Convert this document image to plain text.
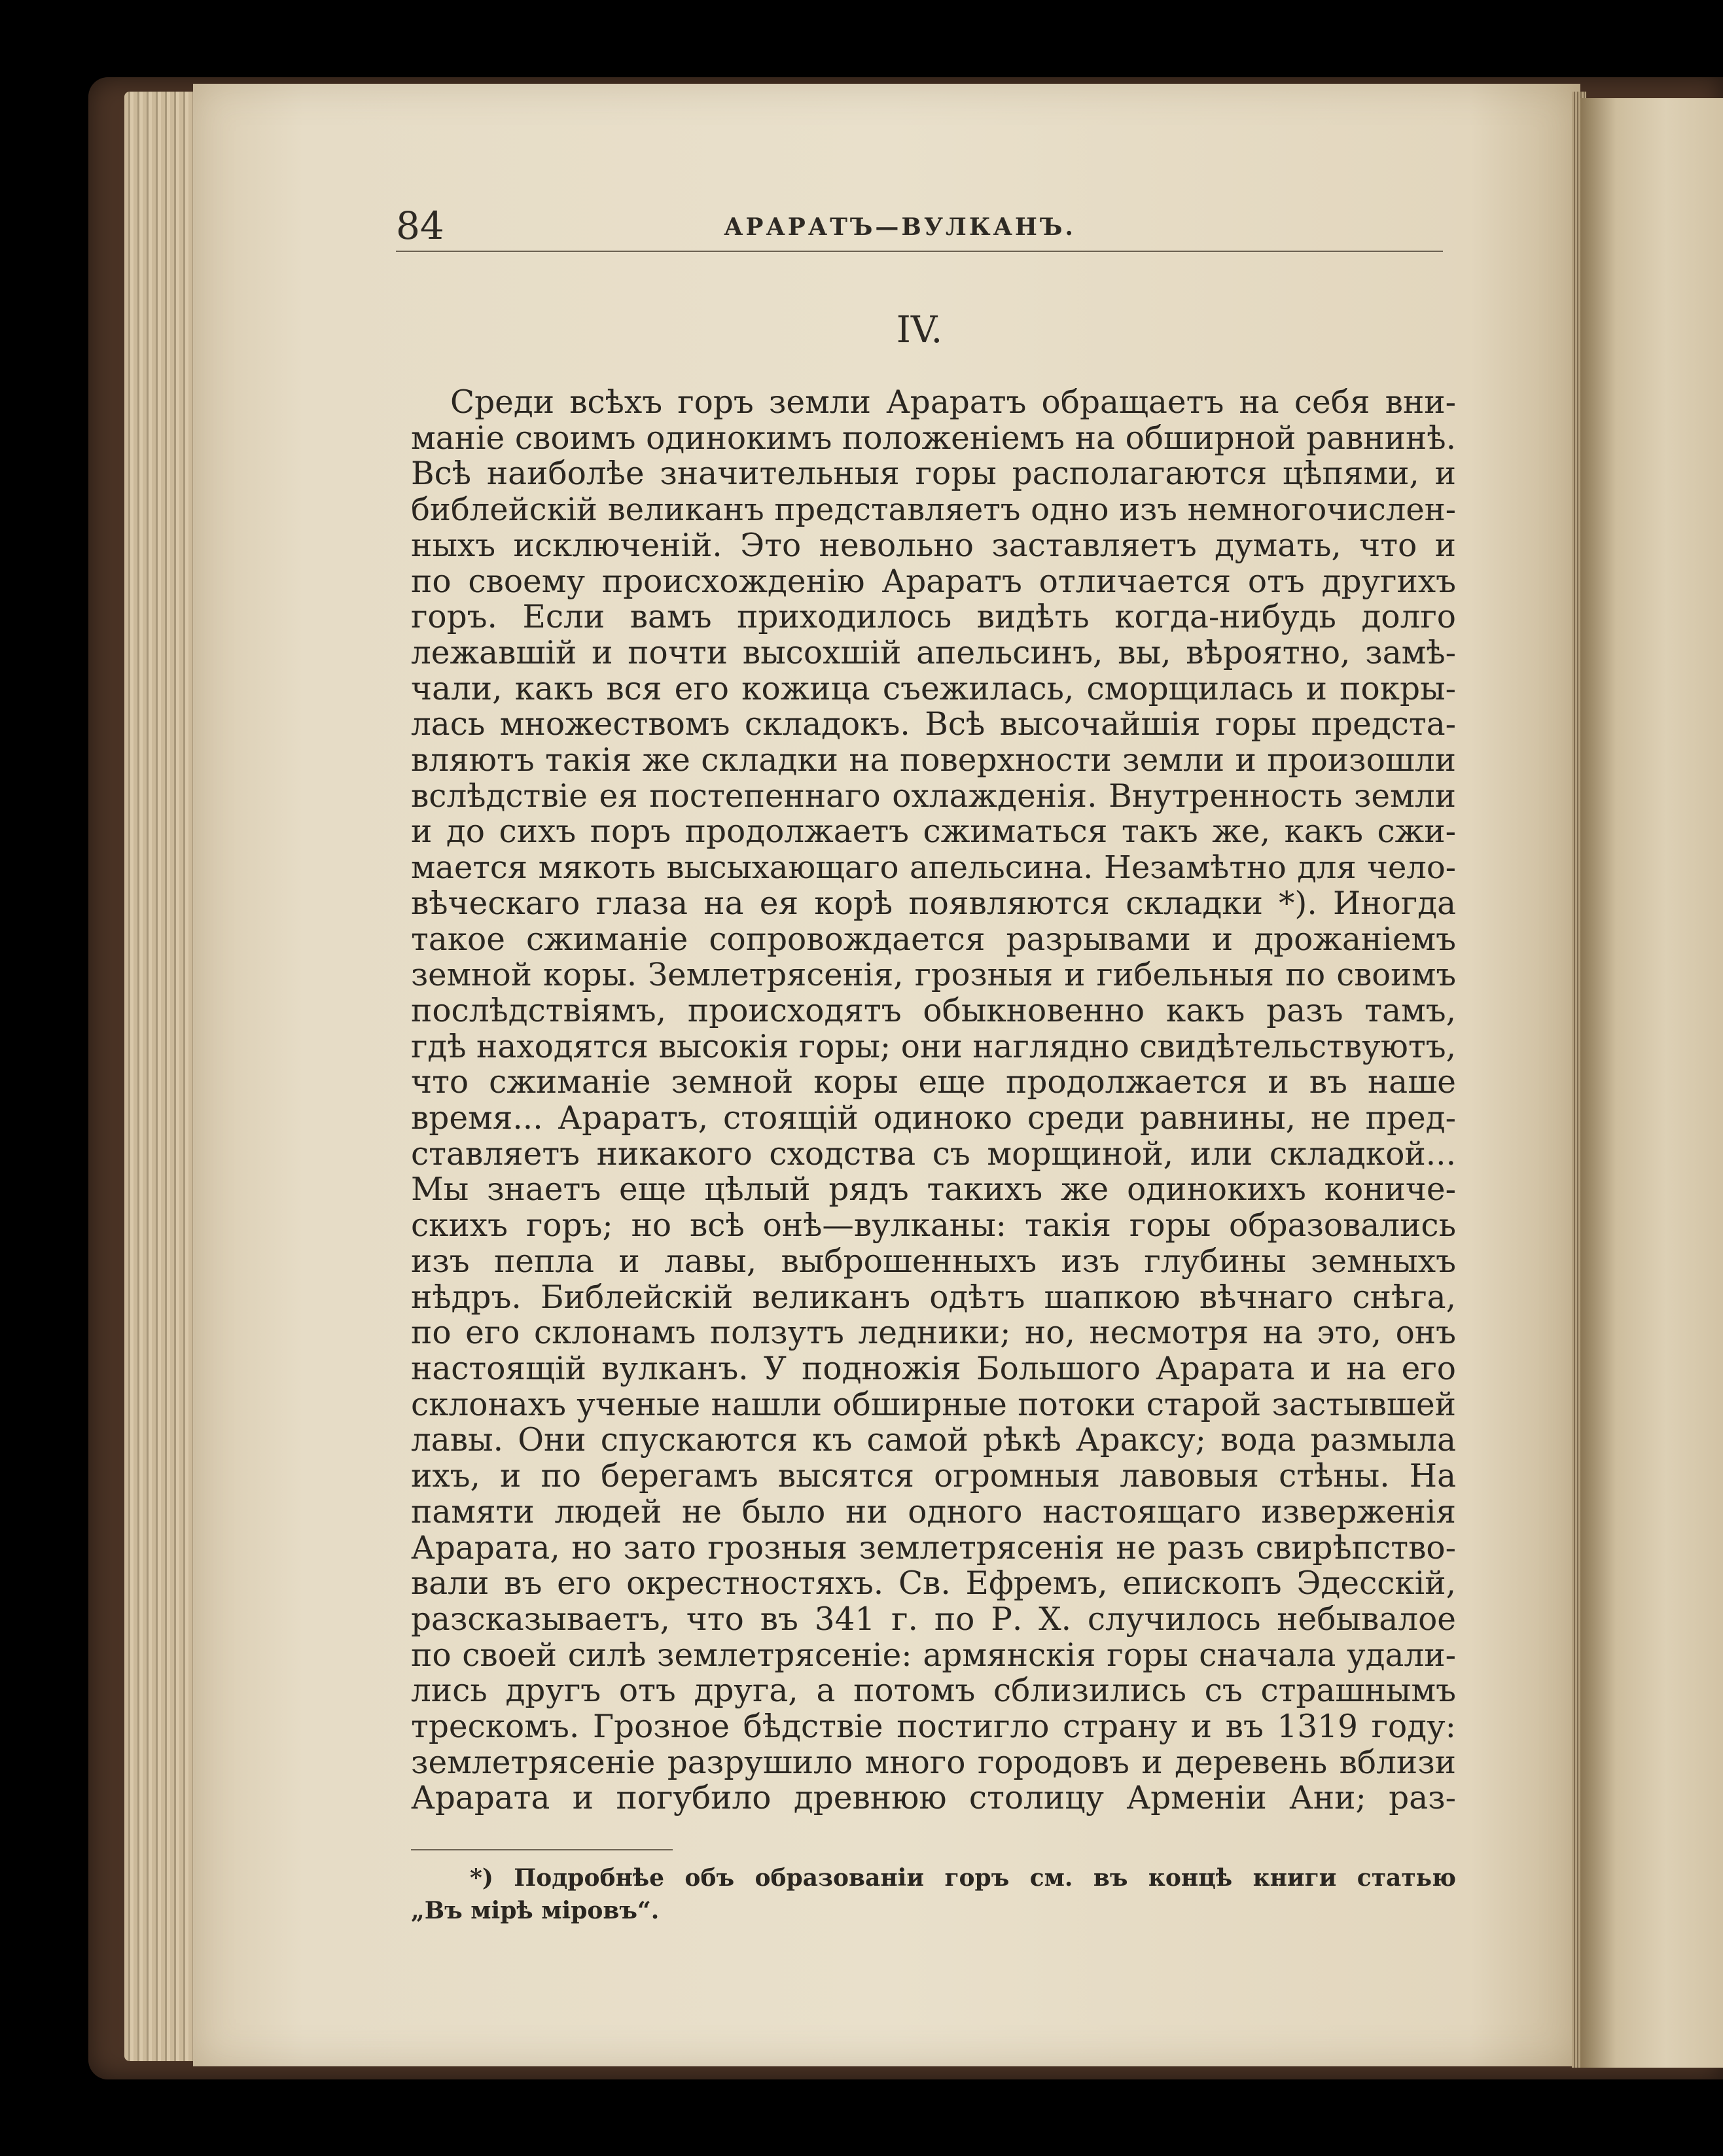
84	АРАРАТЪ—ВУЛКАНЪ.
IV.
Среди всѣхъ горъ земли Араратъ обращаетъ на себя вни-
манiе своимъ одинокимъ положенiемъ на обширной равнинѣ.
Всѣ наиболѣе значительныя горы располагаются цѣпями, и
библейскiй великанъ представляетъ одно изъ немногочислен-
ныхъ исключенiй. Это невольно заставляетъ думать, что и
по своему происхожденiю Араратъ отличается отъ другихъ
горъ. Если вамъ приходилось видѣть когда-нибудь долго
лежавшiй и почти высохшiй апельсинъ, вы, вѣроятно, замѣ-
чали, какъ вся его кожица съежилась, сморщилась и покры-
лась множествомъ складокъ. Всѣ высочайшiя горы предста-
вляютъ такiя же складки на поверхности земли и произошли
вслѣдствiе ея постепеннаго охлажденiя. Внутренность земли
и до сихъ поръ продолжаетъ сжиматься такъ же, какъ сжи-
мается мякоть высыхающаго апельсина. Незамѣтно для чело-
вѣческаго глаза на ея корѣ появляются складки *). Иногда
такое сжиманiе сопровождается разрывами и дрожанiемъ
земной коры. Землетрясенiя, грозныя и гибельныя по своимъ
послѣдствiямъ, происходятъ обыкновенно какъ разъ тамъ,
гдѣ находятся высокiя горы; они наглядно свидѣтельствуютъ,
что сжиманiе земной коры еще продолжается и въ наше
время... Араратъ, стоящiй одиноко среди равнины, не пред-
ставляетъ никакого сходства съ морщиной, или складкой...
Мы знаетъ еще цѣлый рядъ такихъ же одинокихъ кониче-
скихъ горъ; но всѣ онѣ—вулканы: такiя горы образовались
изъ пепла и лавы, выброшенныхъ изъ глубины земныхъ
нѣдръ. Библейскiй великанъ одѣтъ шапкою вѣчнаго снѣга,
по его склонамъ ползутъ ледники; но, несмотря на это, онъ
настоящiй вулканъ. У подножiя Большого Арарата и на его
склонахъ ученые нашли обширные потоки старой застывшей
лавы. Они спускаются къ самой рѣкѣ Араксу; вода размыла
ихъ, и по берегамъ высятся огромныя лавовыя стѣны. На
памяти людей не было ни одного настоящаго изверженiя
Арарата, но зато грозныя землетрясенiя не разъ свирѣпство-
вали въ его окрестностяхъ. Св. Ефремъ, епископъ Эдесскiй,
разсказываетъ, что въ 341 г. по Р. Х. случилось небывалое
по своей силѣ землетрясенiе: армянскiя горы сначала удали-
лись другъ отъ друга, а потомъ сблизились съ страшнымъ
трескомъ. Грозное бѣдствiе постигло страну и въ 1319 году:
землетрясенiе разрушило много городовъ и деревень вблизи
Арарата и погубило древнюю столицу Арменiи Ани; раз-
*) Подробнѣе объ образованiи горъ см. въ концѣ книги статью
„Въ мiрѣ мiровъ“.
